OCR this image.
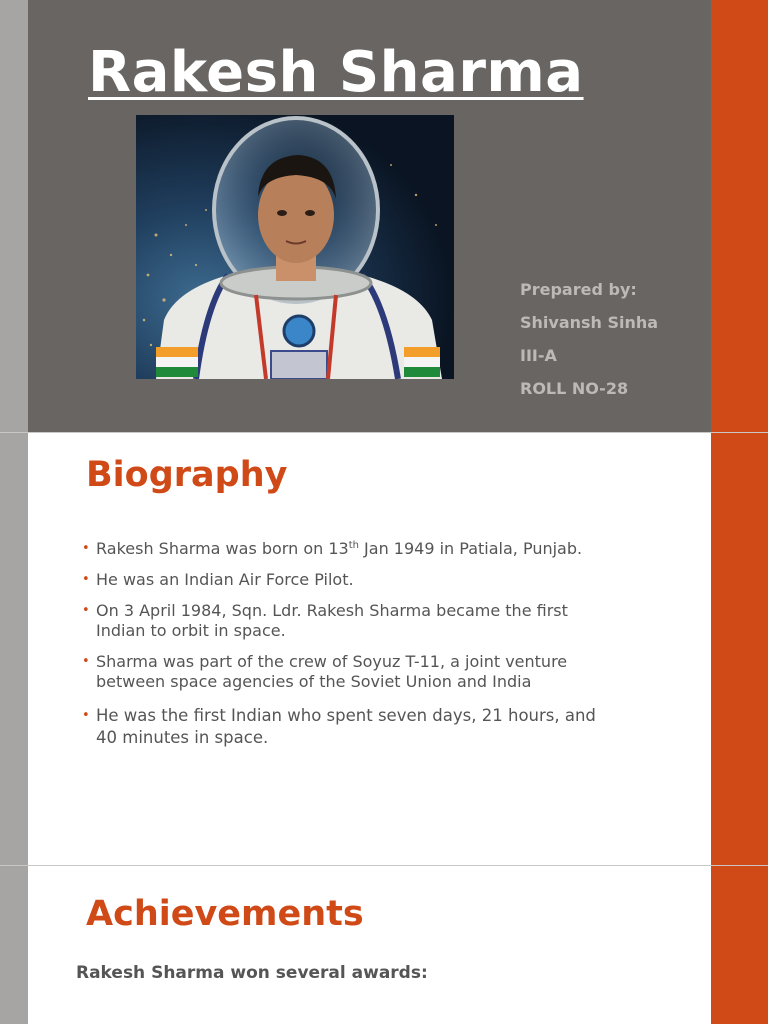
Rakesh Sharma
Prepared by:
Shivansh Sinha
III-A
ROLL NO-28
Biography
• Rakesh Sharma was born on 13th Jan 1949 in Patiala, Punjab.
• He was an Indian Air Force Pilot.
• On 3 April 1984, Sqn. Ldr. Rakesh Sharma became the first Indian to orbit in space.
• Sharma was part of the crew of Soyuz T-11, a joint venture between space agencies of the Soviet Union and India
• He was the first Indian who spent seven days, 21 hours, and 40 minutes in space.
Achievements
Rakesh Sharma won several awards:
